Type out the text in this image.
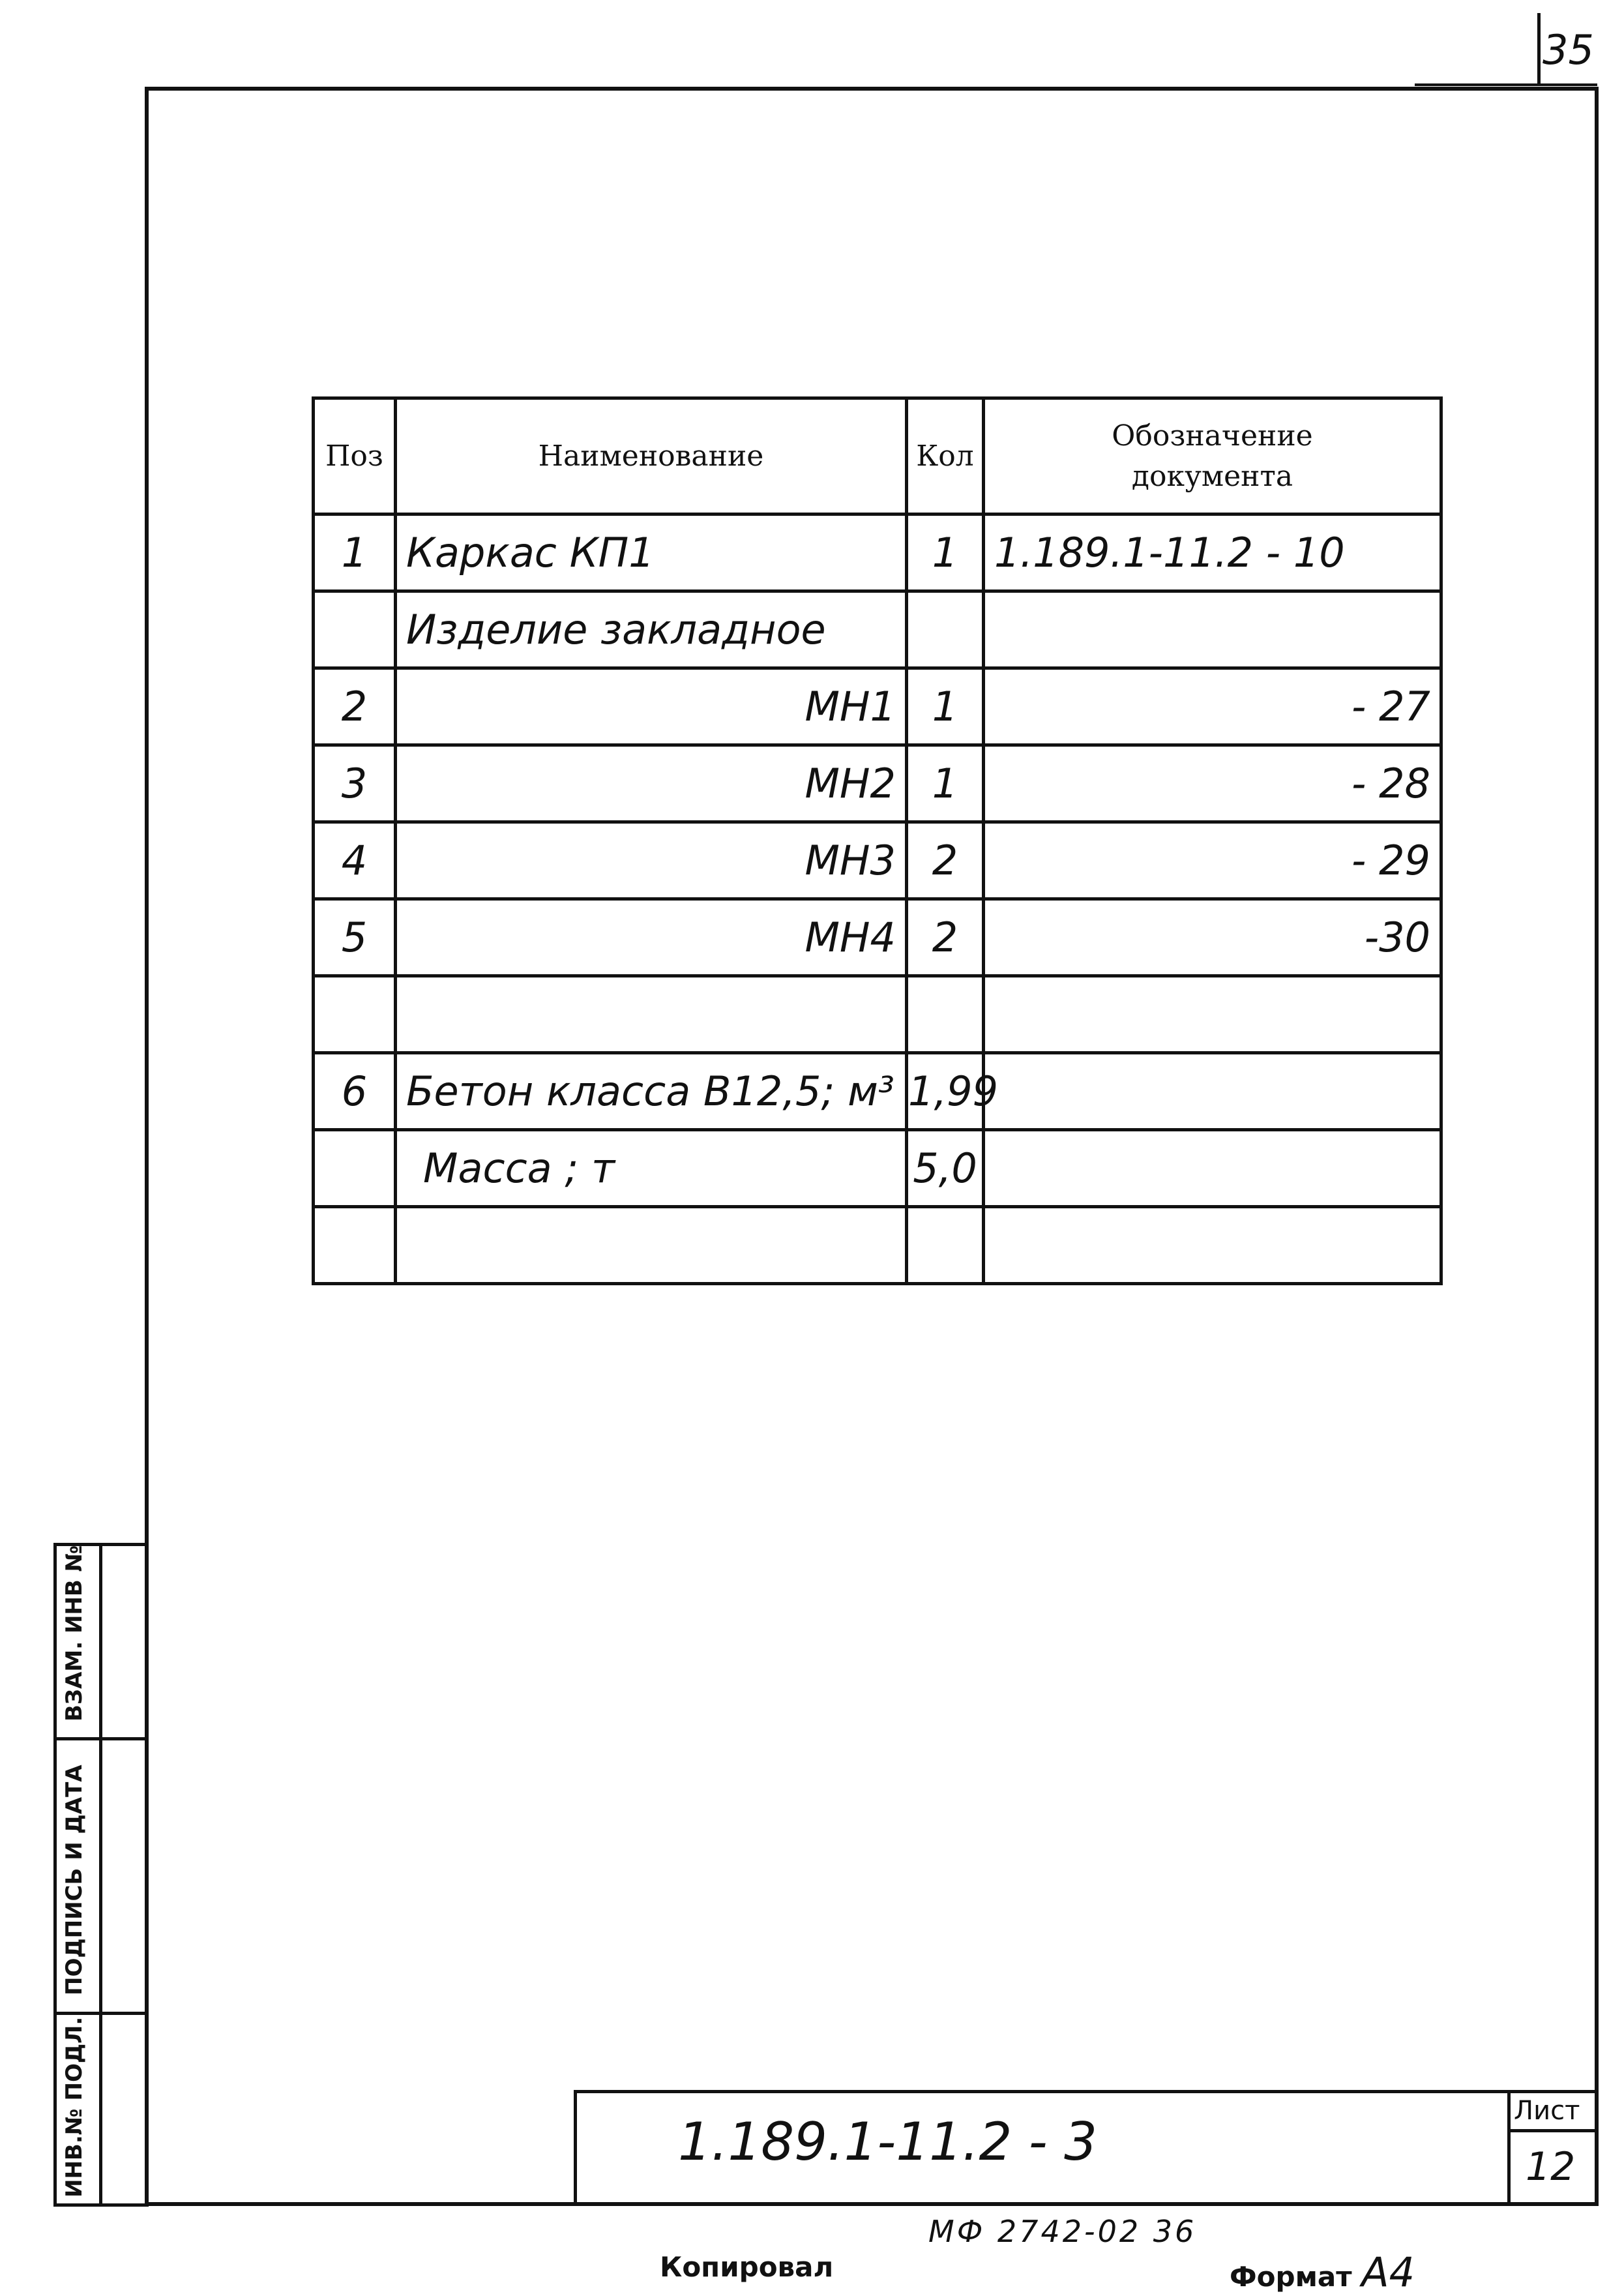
35
Поз	Наименование	Кол	Обозначение
документа

1	Каркас КП1	1	1.189.1-11.2 - 10
	Изделие закладное		
2	МН1	1	- 27
3	МН2	1	- 28
4	МН3	2	- 29
5	МН4	2	-30

6	Бетон класса В12,5; м³	1,99	
	Масса ; т	5,0	

ИНВ.№ ПОДЛ.
ПОДПИСЬ И ДАТА
ВЗАМ. ИНВ №
1.189.1-11.2 - 3
Лист
12
МФ 2742-02 36
Копировал	Формат А4
